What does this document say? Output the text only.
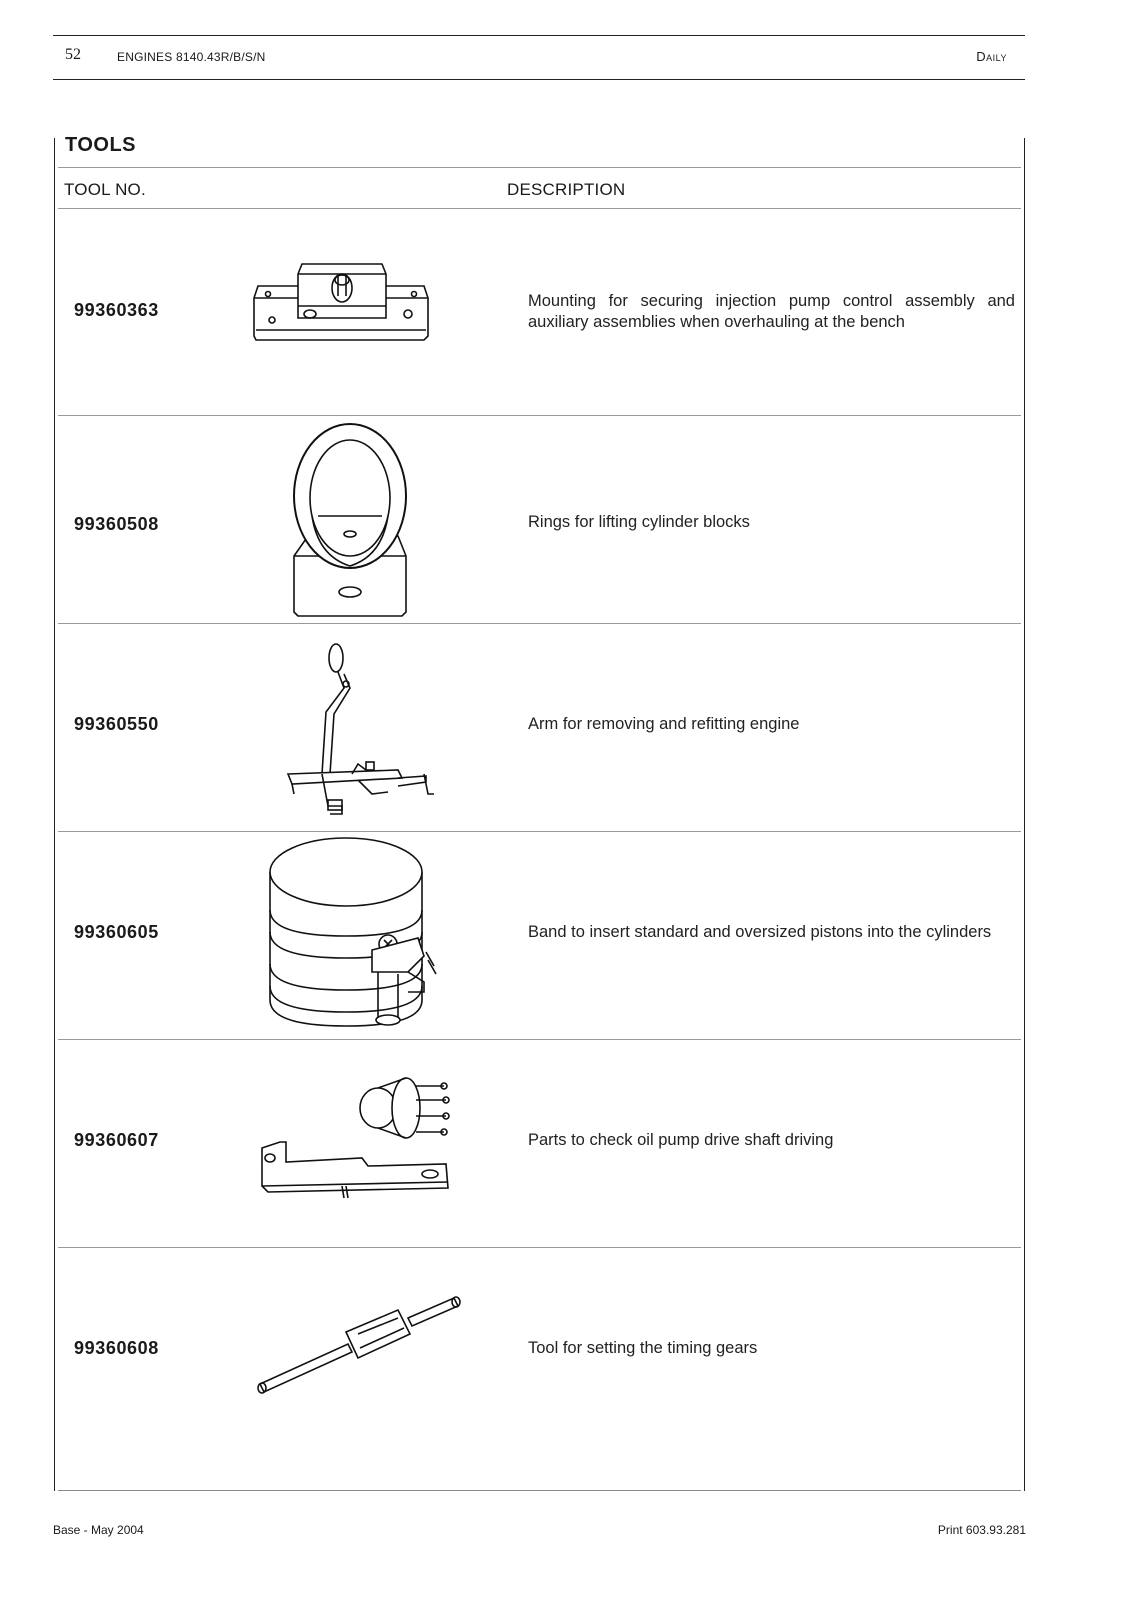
52	ENGINES 8140.43R/B/S/N	Daily
TOOLS
TOOL NO.	DESCRIPTION
99360363	Mounting for securing injection pump control assembly and auxiliary assemblies when overhauling at the bench
99360508	Rings for lifting cylinder blocks
99360550	Arm for removing and refitting engine
99360605	Band to insert standard and oversized pistons into the cylinders
99360607	Parts to check oil pump drive shaft driving
99360608	Tool for setting the timing gears
Base - May 2004	Print 603.93.281
